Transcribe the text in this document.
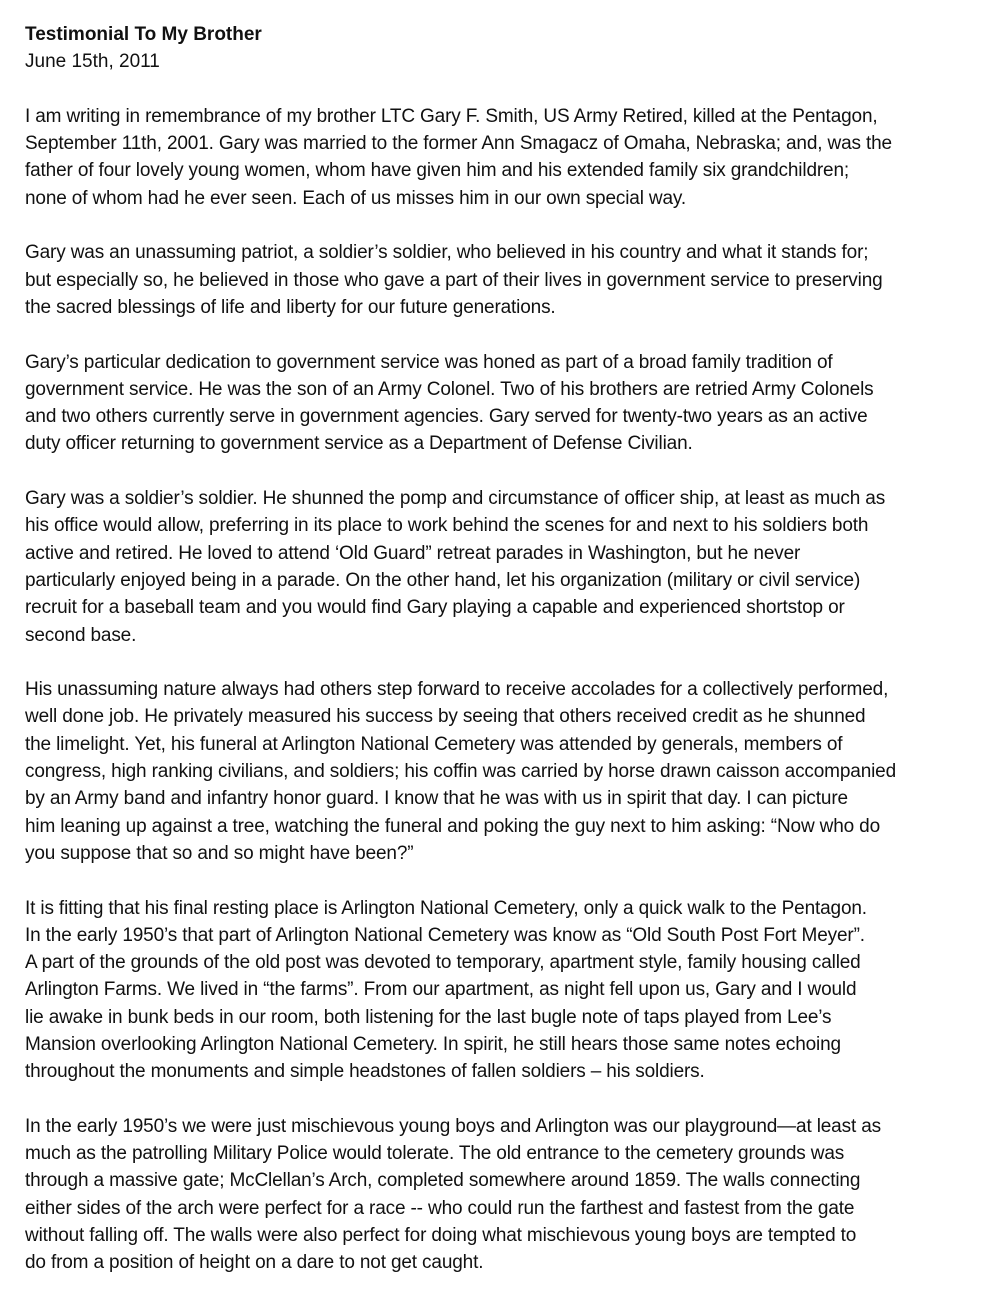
Testimonial To My Brother
June 15th, 2011
I am writing in remembrance of my brother LTC Gary F. Smith, US Army Retired, killed at the Pentagon,
September 11th, 2001. Gary was married to the former Ann Smagacz of Omaha, Nebraska; and, was the
father of four lovely young women, whom have given him and his extended family six grandchildren;
none of whom had he ever seen. Each of us misses him in our own special way.
Gary was an unassuming patriot, a soldier’s soldier, who believed in his country and what it stands for;
but especially so, he believed in those who gave a part of their lives in government service to preserving
the sacred blessings of life and liberty for our future generations.
Gary’s particular dedication to government service was honed as part of a broad family tradition of
government service. He was the son of an Army Colonel. Two of his brothers are retried Army Colonels
and two others currently serve in government agencies. Gary served for twenty-two years as an active
duty officer returning to government service as a Department of Defense Civilian.
Gary was a soldier’s soldier. He shunned the pomp and circumstance of officer ship, at least as much as
his office would allow, preferring in its place to work behind the scenes for and next to his soldiers both
active and retired. He loved to attend ‘Old Guard” retreat parades in Washington, but he never
particularly enjoyed being in a parade. On the other hand, let his organization (military or civil service)
recruit for a baseball team and you would find Gary playing a capable and experienced shortstop or
second base.
His unassuming nature always had others step forward to receive accolades for a collectively performed,
well done job. He privately measured his success by seeing that others received credit as he shunned
the limelight. Yet, his funeral at Arlington National Cemetery was attended by generals, members of
congress, high ranking civilians, and soldiers; his coffin was carried by horse drawn caisson accompanied
by an Army band and infantry honor guard. I know that he was with us in spirit that day. I can picture
him leaning up against a tree, watching the funeral and poking the guy next to him asking: “Now who do
you suppose that so and so might have been?”
It is fitting that his final resting place is Arlington National Cemetery, only a quick walk to the Pentagon.
In the early 1950’s that part of Arlington National Cemetery was know as “Old South Post Fort Meyer”.
A part of the grounds of the old post was devoted to temporary, apartment style, family housing called
Arlington Farms. We lived in “the farms”. From our apartment, as night fell upon us, Gary and I would
lie awake in bunk beds in our room, both listening for the last bugle note of taps played from Lee’s
Mansion overlooking Arlington National Cemetery. In spirit, he still hears those same notes echoing
throughout the monuments and simple headstones of fallen soldiers – his soldiers.
In the early 1950’s we were just mischievous young boys and Arlington was our playground—at least as
much as the patrolling Military Police would tolerate. The old entrance to the cemetery grounds was
through a massive gate; McClellan’s Arch, completed somewhere around 1859. The walls connecting
either sides of the arch were perfect for a race -- who could run the farthest and fastest from the gate
without falling off. The walls were also perfect for doing what mischievous young boys are tempted to
do from a position of height on a dare to not get caught.
